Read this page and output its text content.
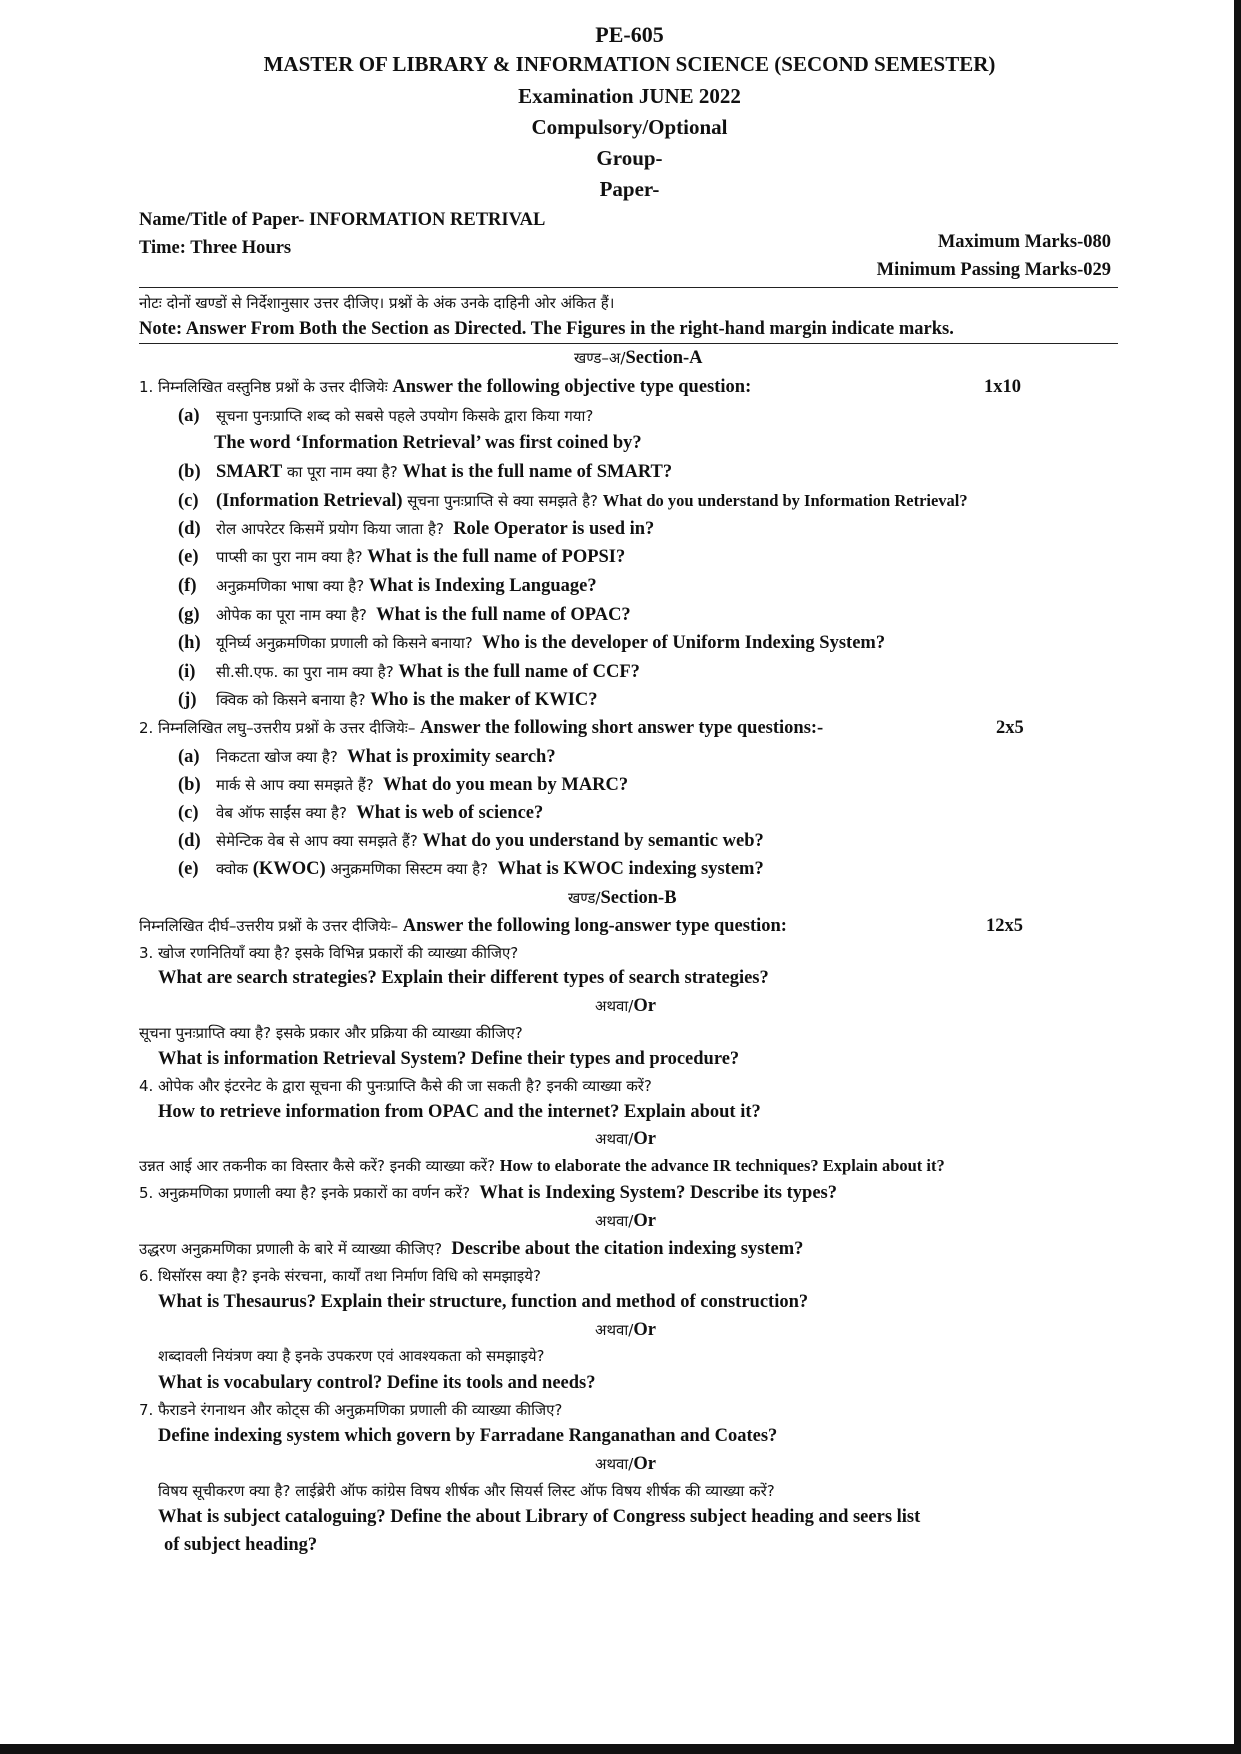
PE-605
MASTER OF LIBRARY & INFORMATION SCIENCE (SECOND SEMESTER)
Examination JUNE 2022
Compulsory/Optional
Group-
Paper-
Name/Title of Paper- INFORMATION RETRIVAL
Time: Three Hours	Maximum Marks-080
Minimum Passing Marks-029
नोटः दोनों खण्डों से निर्देशानुसार उत्तर दीजिए। प्रश्नों के अंक उनके दाहिनी ओर अंकित हैं।
Note: Answer From Both the Section as Directed. The Figures in the right-hand margin indicate marks.
खण्ड–अ/Section-A
1. निम्नलिखित वस्तुनिष्ठ प्रश्नों के उत्तर दीजियेः Answer the following objective type question:	1x10
(a) सूचना पुनःप्राप्ति शब्द को सबसे पहले उपयोग किसके द्वारा किया गया?
The word ‘Information Retrieval’ was first coined by?
(b) SMART का पूरा नाम क्या है? What is the full name of SMART?
(c) (Information Retrieval) सूचना पुनःप्राप्ति से क्या समझते है? What do you understand by Information Retrieval?
(d) रोल आपरेटर किसमें प्रयोग किया जाता है? Role Operator is used in?
(e) पाप्सी का पुरा नाम क्या है? What is the full name of POPSI?
(f) अनुक्रमणिका भाषा क्या है? What is Indexing Language?
(g) ओपेक का पूरा नाम क्या है? What is the full name of OPAC?
(h) यूनिर्घ्य अनुक्रमणिका प्रणाली को किसने बनाया? Who is the developer of Uniform Indexing System?
(i) सी.सी.एफ. का पुरा नाम क्या है? What is the full name of CCF?
(j) क्विक को किसने बनाया है? Who is the maker of KWIC?
2. निम्नलिखित लघु–उत्तरीय प्रश्नों के उत्तर दीजियेः– Answer the following short answer type questions:-	2x5
(a) निकटता खोज क्या है? What is proximity search?
(b) मार्क से आप क्या समझते हैं? What do you mean by MARC?
(c) वेब ऑफ साईंस क्या है? What is web of science?
(d) सेमेन्टिक वेब से आप क्या समझते हैं? What do you understand by semantic web?
(e) क्वोक (KWOC) अनुक्रमणिका सिस्टम क्या है?  What is KWOC indexing system?
खण्ड/Section-B
निम्नलिखित दीर्घ–उत्तरीय प्रश्नों के उत्तर दीजियेः– Answer the following long-answer type question:	12x5
3. खोज रणनितियाँ क्या है? इसके विभिन्न प्रकारों की व्याख्या कीजिए?
What are search strategies? Explain their different types of search strategies?
अथवा/Or
सूचना पुनःप्राप्ति क्या है? इसके प्रकार और प्रक्रिया की व्याख्या कीजिए?
What is information Retrieval System? Define their types and procedure?
4. ओपेक और इंटरनेट के द्वारा सूचना की पुनःप्राप्ति कैसे की जा सकती है? इनकी व्याख्या करें?
How to retrieve information from OPAC and the internet? Explain about it?
अथवा/Or
उन्नत आई आर तकनीक का विस्तार कैसे करें? इनकी व्याख्या करें? How to elaborate the advance IR techniques? Explain about it?
5. अनुक्रमणिका प्रणाली क्या है? इनके प्रकारों का वर्णन करें? What is Indexing System? Describe its types?
अथवा/Or
उद्धरण अनुक्रमणिका प्रणाली के बारे में व्याख्या कीजिए? Describe about the citation indexing system?
6. थिसॉरस क्या है? इनके संरचना, कार्यों तथा निर्माण विधि को समझाइये?
What is Thesaurus? Explain their structure, function and method of construction?
अथवा/Or
शब्दावली नियंत्रण क्या है इनके उपकरण एवं आवश्यकता को समझाइये?
What is vocabulary control? Define its tools and needs?
7. फैराडने रंगनाथन और कोट्स की अनुक्रमणिका प्रणाली की व्याख्या कीजिए?
Define indexing system which govern by Farradane Ranganathan and Coates?
अथवा/Or
विषय सूचीकरण क्या है? लाईब्रेरी ऑफ कांग्रेस विषय शीर्षक और सियर्स लिस्ट ऑफ विषय शीर्षक की व्याख्या करें?
What is subject cataloguing? Define the about Library of Congress subject heading and seers list
of subject heading?
